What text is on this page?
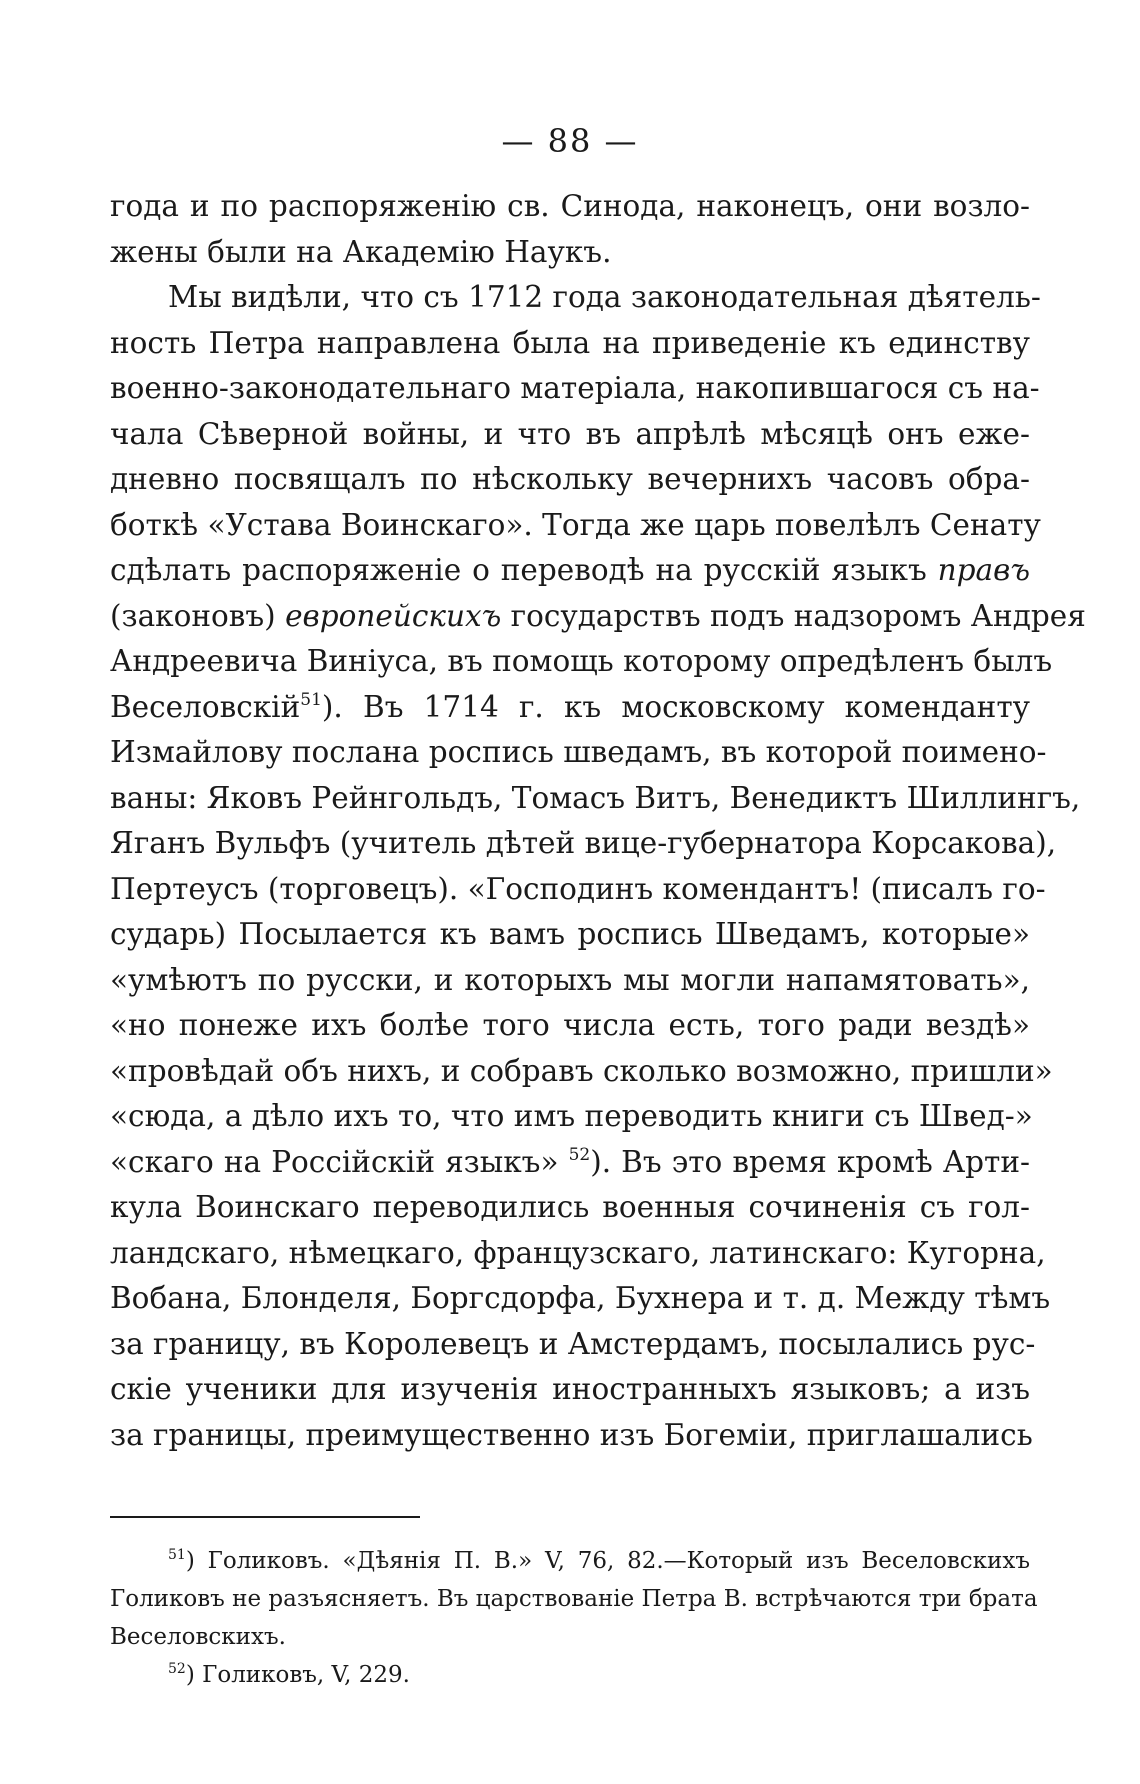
— 88 —
года и по распоряженію св. Синода, наконецъ, они возло-
жены были на Академію Наукъ.
Мы видѣли, что съ 1712 года законодательная дѣятель-
ность Петра направлена была на приведеніе къ единству
военно-законодательнаго матеріала, накопившагося съ на-
чала Сѣверной войны, и что въ апрѣлѣ мѣсяцѣ онъ еже-
дневно посвящалъ по нѣскольку вечернихъ часовъ обра-
боткѣ «Устава Воинскаго». Тогда же царь повелѣлъ Сенату
сдѣлать распоряженіе о переводѣ на русскій языкъ правъ
(законовъ) европейскихъ государствъ подъ надзоромъ Андрея
Андреевича Виніуса, въ помощь которому опредѣленъ былъ
Веселовскій$^{51}$). Въ 1714 г. къ московскому коменданту
Измайлову послана роспись шведамъ, въ которой поимено-
ваны: Яковъ Рейнгольдъ, Томасъ Витъ, Венедиктъ Шиллингъ,
Яганъ Вульфъ (учитель дѣтей вице-губернатора Корсакова),
Пертеусъ (торговецъ). «Господинъ комендантъ! (писалъ го-
сударь) Посылается къ вамъ роспись Шведамъ, которые»
«умѣютъ по русски, и которыхъ мы могли напамятовать»,
«но понеже ихъ болѣе того числа есть, того ради вездѣ»
«провѣдай объ нихъ, и собравъ сколько возможно, пришли»
«сюда, а дѣло ихъ то, что имъ переводить книги съ Швед-»
«скаго на Россійскій языкъ» $^{52}$). Въ это время кромѣ Арти-
кула Воинскаго переводились военныя сочиненія съ гол-
ландскаго, нѣмецкаго, французскаго, латинскаго: Кугорна,
Вобана, Блонделя, Боргсдорфа, Бухнера и т. д. Между тѣмъ
за границу, въ Королевецъ и Амстердамъ, посылались рус-
скіе ученики для изученія иностранныхъ языковъ; а изъ
за границы, преимущественно изъ Богеміи, приглашались
$^{51}$) Голиковъ. «Дѣянія П. В.» V, 76, 82.—Который изъ Веселовскихъ
Голиковъ не разъясняетъ. Въ царствованіе Петра В. встрѣчаются три брата
Веселовскихъ.
$^{52}$) Голиковъ, V, 229.
